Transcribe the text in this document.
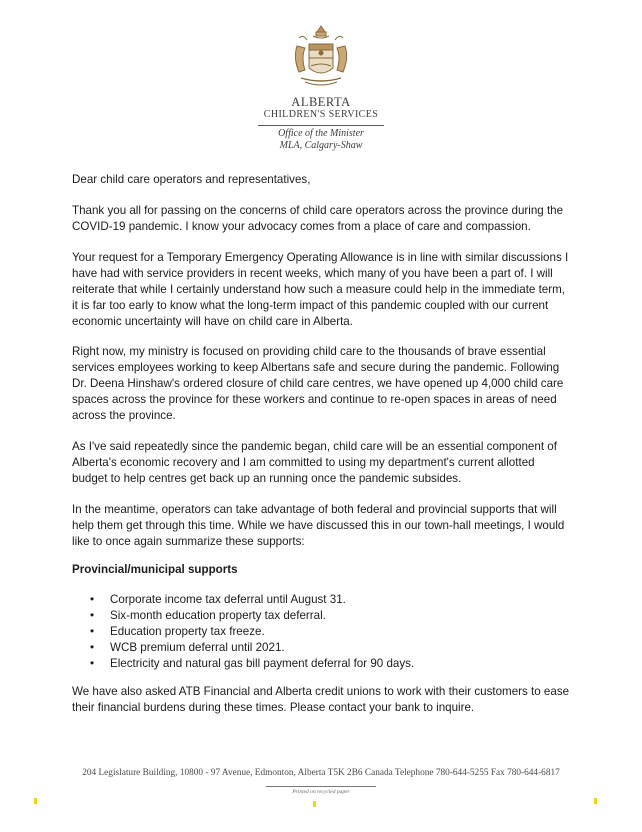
ALBERTA
CHILDREN'S SERVICES
Office of the Minister
MLA, Calgary-Shaw

Dear child care operators and representatives,

Thank you all for passing on the concerns of child care operators across the province during the COVID-19 pandemic. I know your advocacy comes from a place of care and compassion.

Your request for a Temporary Emergency Operating Allowance is in line with similar discussions I have had with service providers in recent weeks, which many of you have been a part of. I will reiterate that while I certainly understand how such a measure could help in the immediate term, it is far too early to know what the long-term impact of this pandemic coupled with our current economic uncertainty will have on child care in Alberta.

Right now, my ministry is focused on providing child care to the thousands of brave essential services employees working to keep Albertans safe and secure during the pandemic. Following Dr. Deena Hinshaw's ordered closure of child care centres, we have opened up 4,000 child care spaces across the province for these workers and continue to re-open spaces in areas of need across the province.

As I've said repeatedly since the pandemic began, child care will be an essential component of Alberta's economic recovery and I am committed to using my department's current allotted budget to help centres get back up an running once the pandemic subsides.

In the meantime, operators can take advantage of both federal and provincial supports that will help them get through this time. While we have discussed this in our town-hall meetings, I would like to once again summarize these supports:

Provincial/municipal supports
• Corporate income tax deferral until August 31.
• Six-month education property tax deferral.
• Education property tax freeze.
• WCB premium deferral until 2021.
• Electricity and natural gas bill payment deferral for 90 days.

We have also asked ATB Financial and Alberta credit unions to work with their customers to ease their financial burdens during these times. Please contact your bank to inquire.

204 Legislature Building, 10800 - 97 Avenue, Edmonton, Alberta T5K 2B6 Canada Telephone 780-644-5255 Fax 780-644-6817
Printed on recycled paper
